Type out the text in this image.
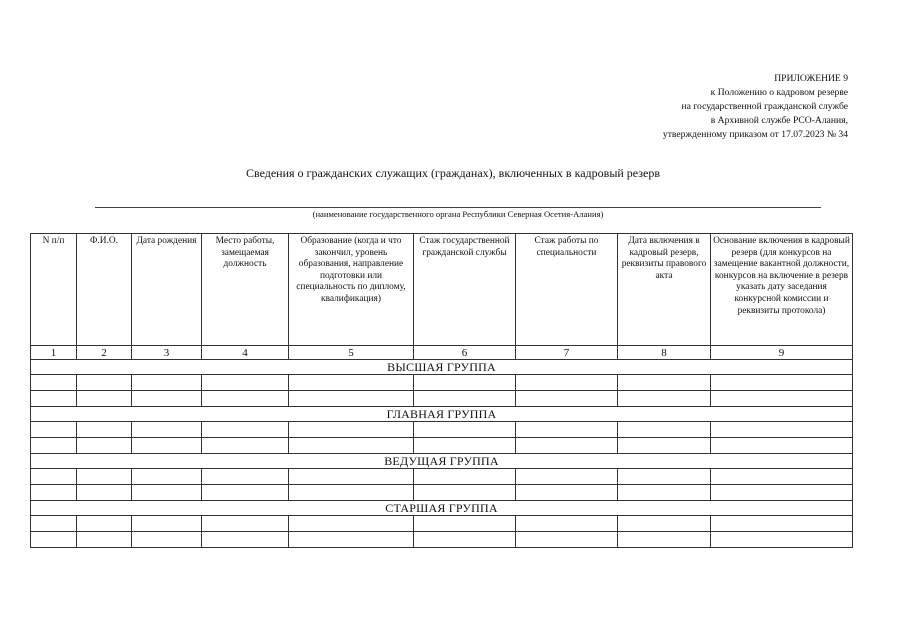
ПРИЛОЖЕНИЕ 9
к Положению о кадровом резерве
на государственной гражданской службе
в Архивной службе РСО-Алания,
утвержденному приказом от 17.07.2023 № 34
Сведения о гражданских служащих (гражданах), включенных в кадровый резерв
(наименование государственного органа Республики Северная Осетия-Алания)
N п/п	Ф.И.О.	Дата рождения	Место работы, замещаемая должность	Образование (когда и что закончил, уровень образования, направление подготовки или специальность по диплому, квалификация)	Стаж государственной гражданской службы	Стаж работы по специальности	Дата включения в кадровый резерв, реквизиты правового акта	Основание включения в кадровый резерв (для конкурсов на замещение вакантной должности, конкурсов на включение в резерв указать дату заседания конкурсной комиссии и реквизиты протокола)
1	2	3	4	5	6	7	8	9
ВЫСШАЯ ГРУППА								

ГЛАВНАЯ ГРУППА								

ВЕДУЩАЯ ГРУППА								

СТАРШАЯ ГРУППА								
